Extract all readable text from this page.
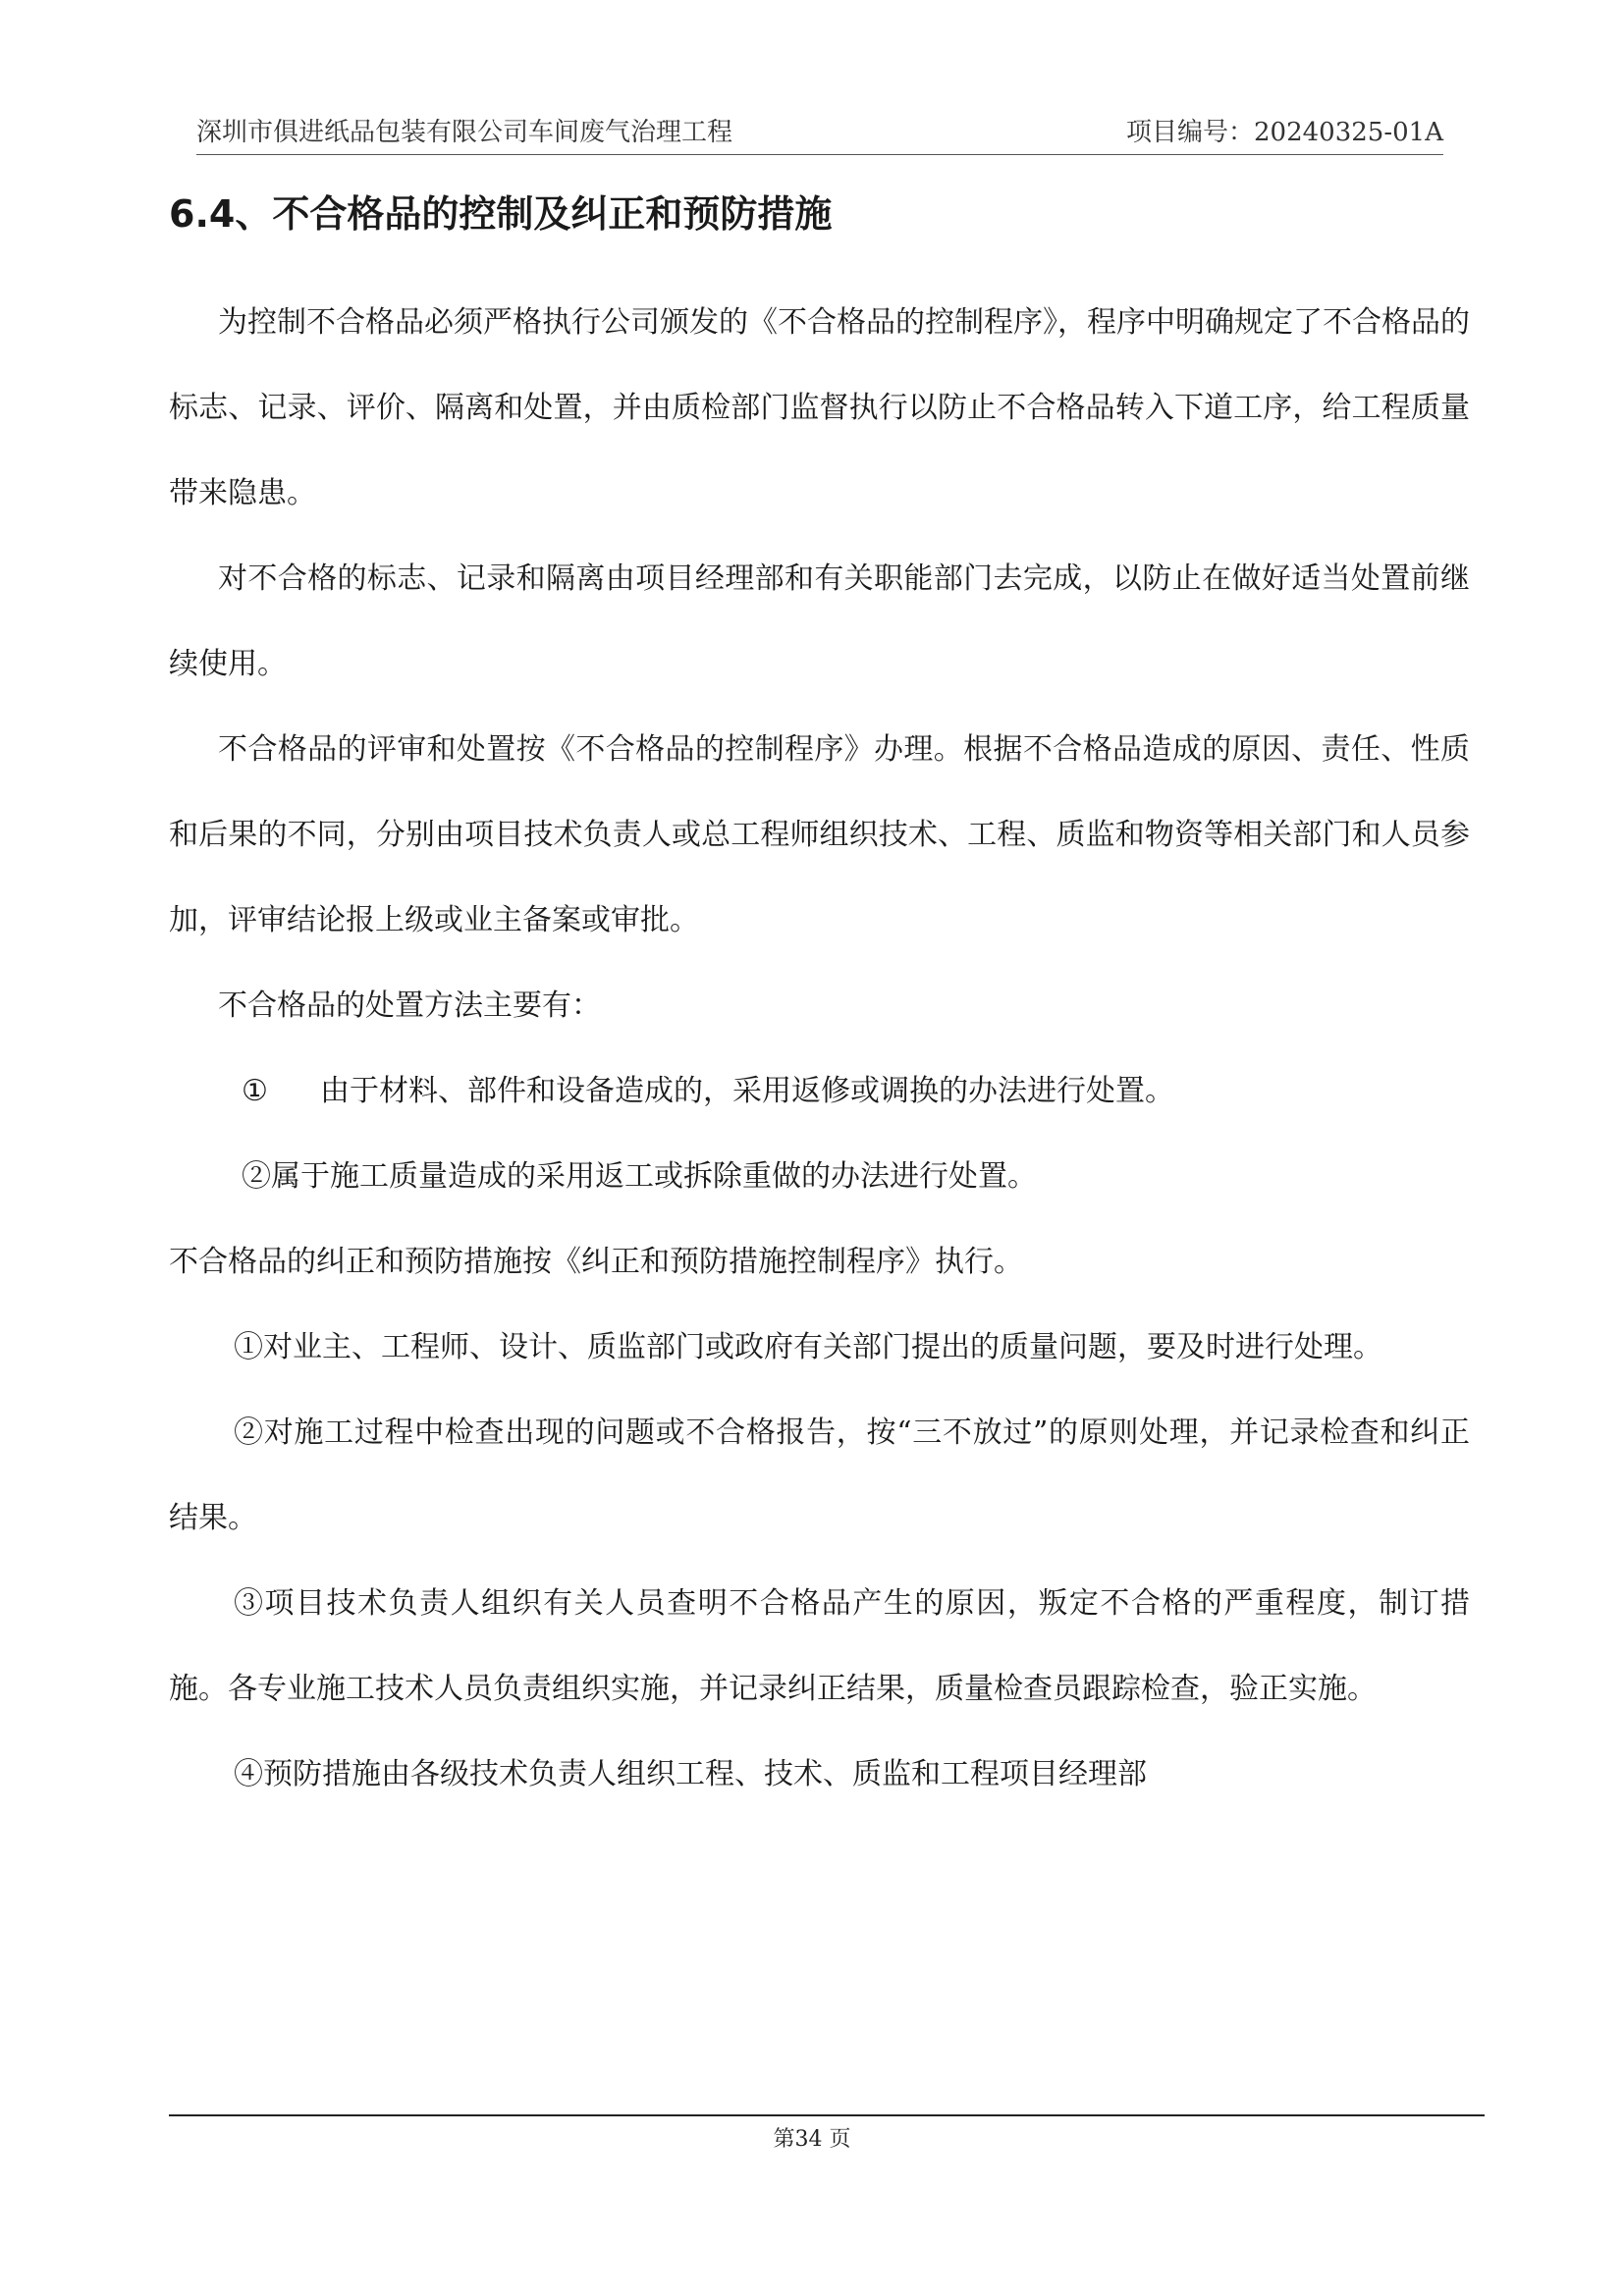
深圳市俱进纸品包装有限公司车间废气治理工程	项目编号：20240325-01A
6.4、不合格品的控制及纠正和预防措施

为控制不合格品必须严格执行公司颁发的《不合格品的控制程序》，程序中明确规定了不合格品的标志、记录、评价、隔离和处置，并由质检部门监督执行以防止不合格品转入下道工序，给工程质量带来隐患。

对不合格的标志、记录和隔离由项目经理部和有关职能部门去完成，以防止在做好适当处置前继续使用。

不合格品的评审和处置按《不合格品的控制程序》办理。根据不合格品造成的原因、责任、性质和后果的不同，分别由项目技术负责人或总工程师组织技术、工程、质监和物资等相关部门和人员参加，评审结论报上级或业主备案或审批。

不合格品的处置方法主要有：

① 由于材料、部件和设备造成的，采用返修或调换的办法进行处置。

②属于施工质量造成的采用返工或拆除重做的办法进行处置。

不合格品的纠正和预防措施按《纠正和预防措施控制程序》执行。

①对业主、工程师、设计、质监部门或政府有关部门提出的质量问题，要及时进行处理。

②对施工过程中检查出现的问题或不合格报告，按“三不放过”的原则处理，并记录检查和纠正结果。

③项目技术负责人组织有关人员查明不合格品产生的原因，叛定不合格的严重程度，制订措施。各专业施工技术人员负责组织实施，并记录纠正结果，质量检查员跟踪检查，验正实施。

④预防措施由各级技术负责人组织工程、技术、质监和工程项目经理部

第34 页
